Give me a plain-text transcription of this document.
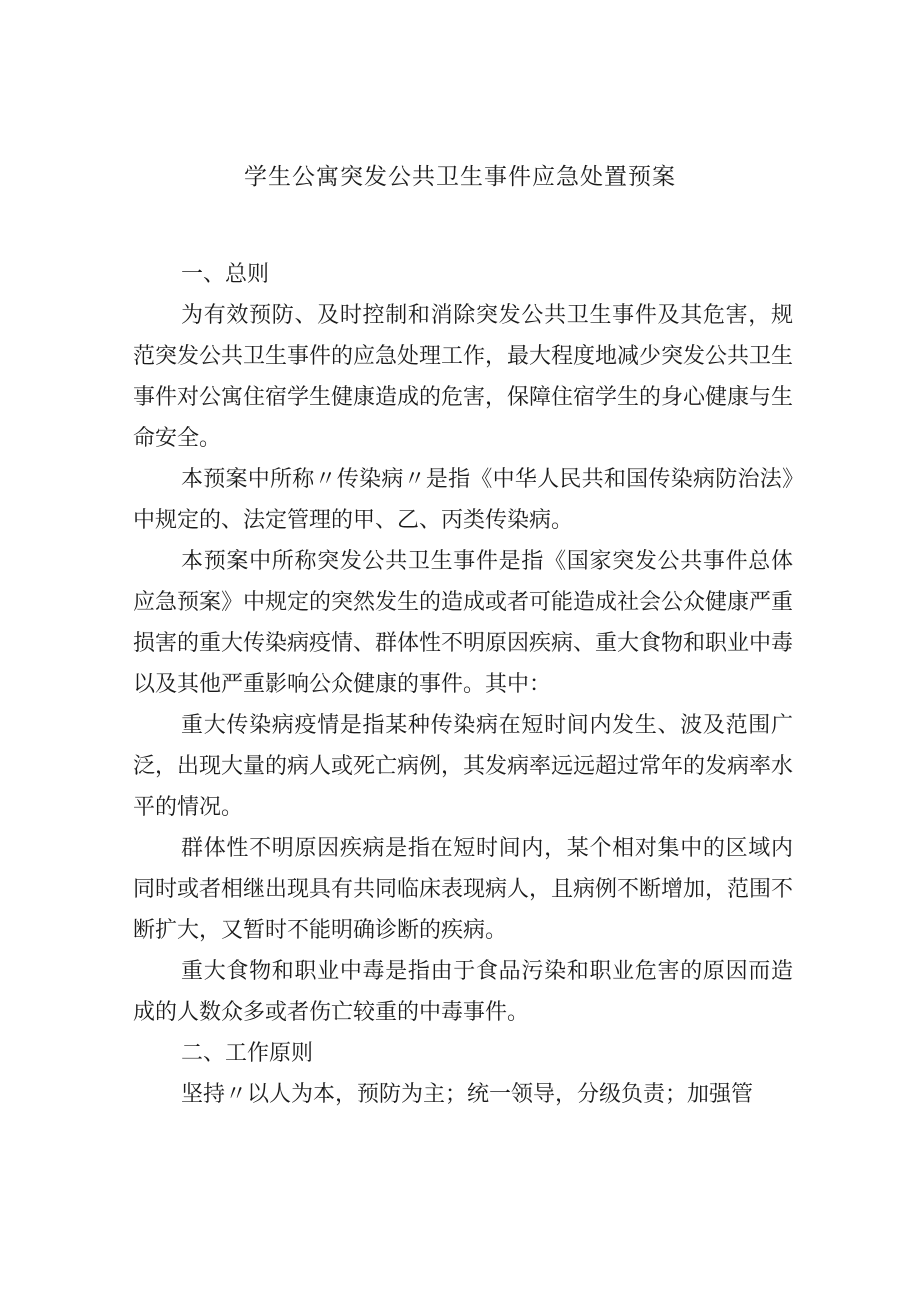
学生公寓突发公共卫生事件应急处置预案
一、总则

为有效预防、及时控制和消除突发公共卫生事件及其危害，规范突发公共卫生事件的应急处理工作，最大程度地减少突发公共卫生事件对公寓住宿学生健康造成的危害，保障住宿学生的身心健康与生命安全。

本预案中所称〃传染病〃是指《中华人民共和国传染病防治法》中规定的、法定管理的甲、乙、丙类传染病。

本预案中所称突发公共卫生事件是指《国家突发公共事件总体应急预案》中规定的突然发生的造成或者可能造成社会公众健康严重损害的重大传染病疫情、群体性不明原因疾病、重大食物和职业中毒以及其他严重影响公众健康的事件。其中：

重大传染病疫情是指某种传染病在短时间内发生、波及范围广泛，出现大量的病人或死亡病例，其发病率远远超过常年的发病率水平的情况。

群体性不明原因疾病是指在短时间内，某个相对集中的区域内同时或者相继出现具有共同临床表现病人，且病例不断增加，范围不断扩大，又暂时不能明确诊断的疾病。

重大食物和职业中毒是指由于食品污染和职业危害的原因而造成的人数众多或者伤亡较重的中毒事件。

二、工作原则

坚持〃以人为本，预防为主；统一领导，分级负责；加强管
